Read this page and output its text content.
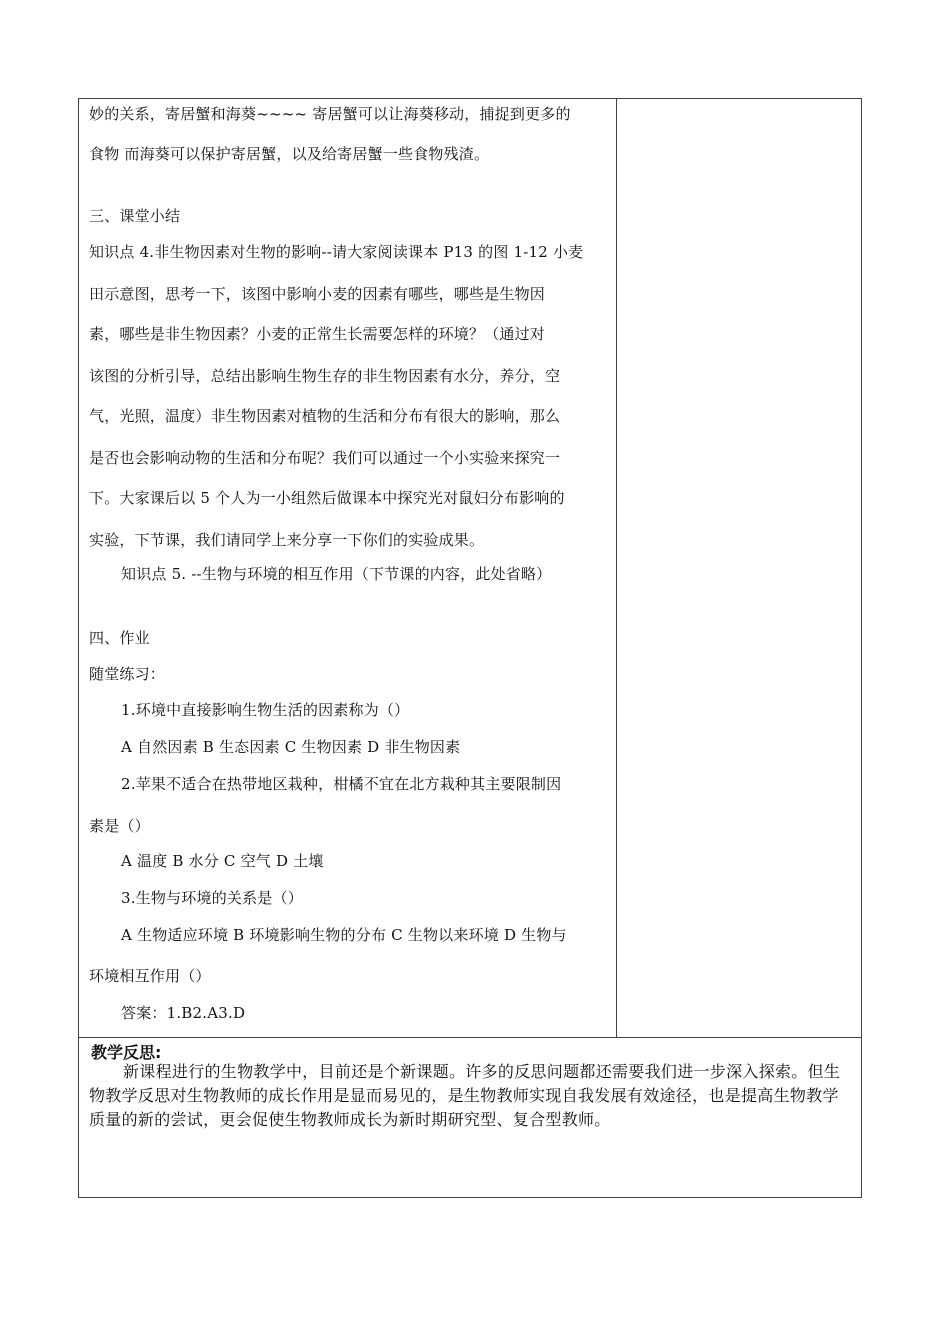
妙的关系，寄居蟹和海葵~~~~ 寄居蟹可以让海葵移动，捕捉到更多的
食物 而海葵可以保护寄居蟹，以及给寄居蟹一些食物残渣。
三、课堂小结
知识点 4.非生物因素对生物的影响--请大家阅读课本 P13 的图 1-12 小麦
田示意图，思考一下，该图中影响小麦的因素有哪些，哪些是生物因
素，哪些是非生物因素？小麦的正常生长需要怎样的环境？（通过对
该图的分析引导，总结出影响生物生存的非生物因素有水分，养分，空
气，光照，温度）非生物因素对植物的生活和分布有很大的影响，那么
是否也会影响动物的生活和分布呢？我们可以通过一个小实验来探究一
下。大家课后以 5 个人为一小组然后做课本中探究光对鼠妇分布影响的
实验，下节课，我们请同学上来分享一下你们的实验成果。
知识点 5. --生物与环境的相互作用（下节课的内容，此处省略）
四、作业
随堂练习：
1.环境中直接影响生物生活的因素称为（）
A 自然因素 B 生态因素 C 生物因素 D 非生物因素
2.苹果不适合在热带地区栽种，柑橘不宜在北方栽种其主要限制因
素是（）
A 温度 B 水分 C 空气 D 土壤
3.生物与环境的关系是（）
A 生物适应环境 B 环境影响生物的分布 C 生物以来环境 D 生物与
环境相互作用（）
答案：1.B2.A3.D
教学反思:
新课程进行的生物教学中，目前还是个新课题。许多的反思问题都还需要我们进一步深入探索。但生物教学反思对生物教师的成长作用是显而易见的，是生物教师实现自我发展有效途径，也是提高生物教学质量的新的尝试，更会促使生物教师成长为新时期研究型、复合型教师。
